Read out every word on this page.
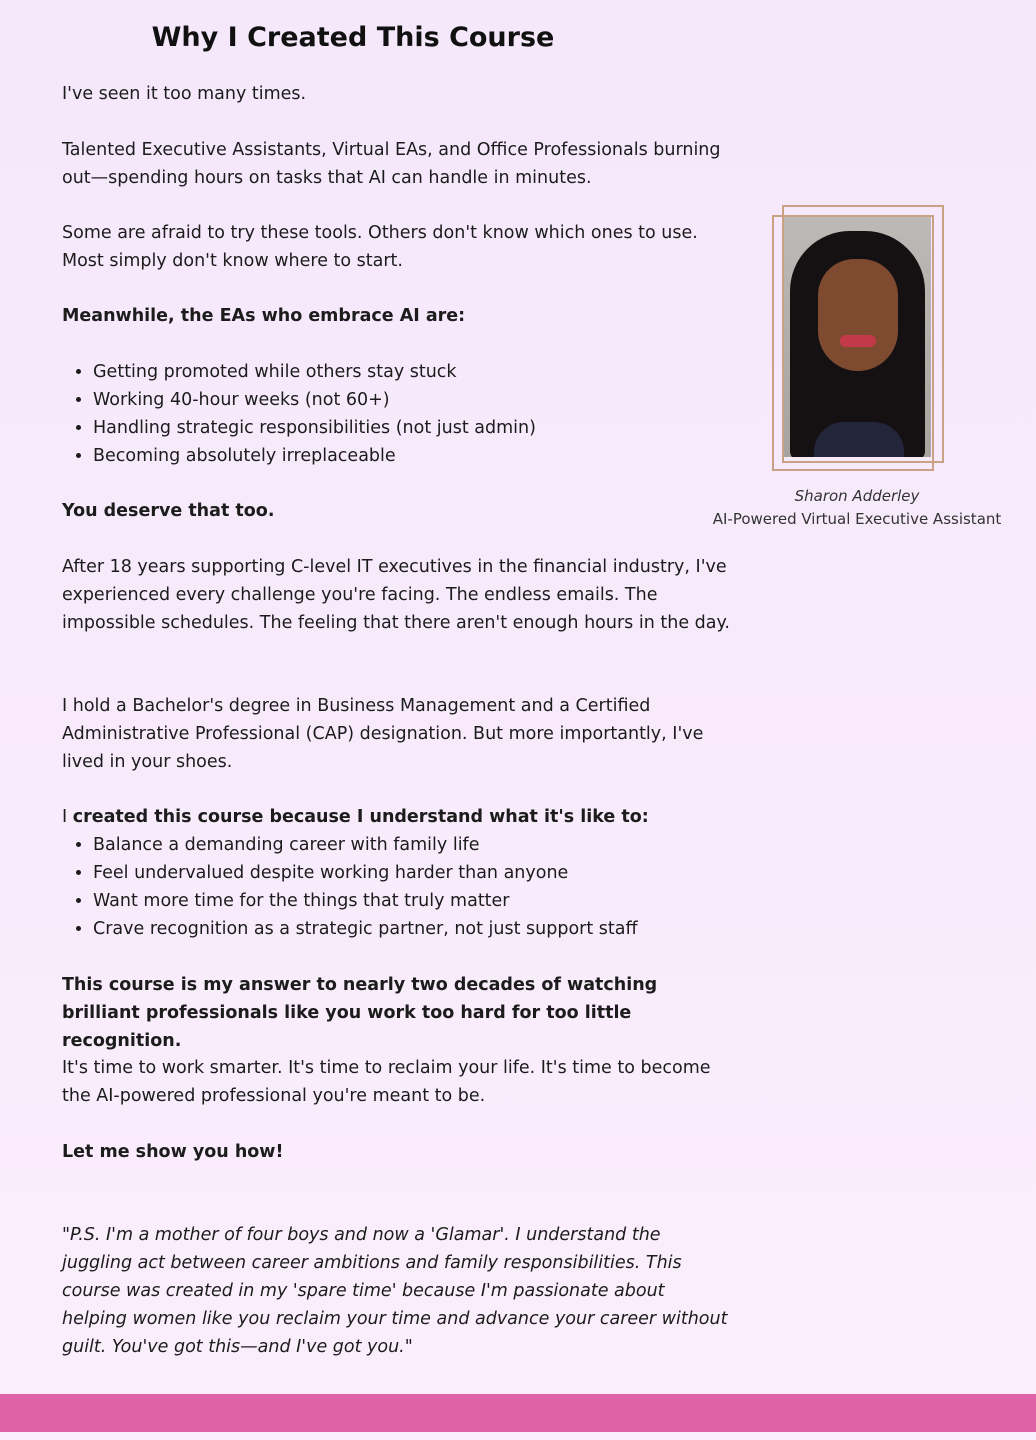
Why I Created This Course
I've seen it too many times.
Talented Executive Assistants, Virtual EAs, and Office Professionals burning out—spending hours on tasks that AI can handle in minutes.
Some are afraid to try these tools. Others don't know which ones to use. Most simply don't know where to start.
Meanwhile, the EAs who embrace AI are:
• Getting promoted while others stay stuck
• Working 40-hour weeks (not 60+)
• Handling strategic responsibilities (not just admin)
• Becoming absolutely irreplaceable
You deserve that too.
After 18 years supporting C-level IT executives in the financial industry, I've experienced every challenge you're facing. The endless emails. The impossible schedules. The feeling that there aren't enough hours in the day.
I hold a Bachelor's degree in Business Management and a Certified Administrative Professional (CAP) designation. But more importantly, I've lived in your shoes.
I created this course because I understand what it's like to:
• Balance a demanding career with family life
• Feel undervalued despite working harder than anyone
• Want more time for the things that truly matter
• Crave recognition as a strategic partner, not just support staff
This course is my answer to nearly two decades of watching brilliant professionals like you work too hard for too little recognition.
It's time to work smarter. It's time to reclaim your life. It's time to become the AI-powered professional you're meant to be.
Let me show you how!
"P.S. I'm a mother of four boys and now a 'Glamar'. I understand the juggling act between career ambitions and family responsibilities. This course was created in my 'spare time' because I'm passionate about helping women like you reclaim your time and advance your career without guilt. You've got this—and I've got you."
Sharon Adderley
AI-Powered Virtual Executive Assistant
